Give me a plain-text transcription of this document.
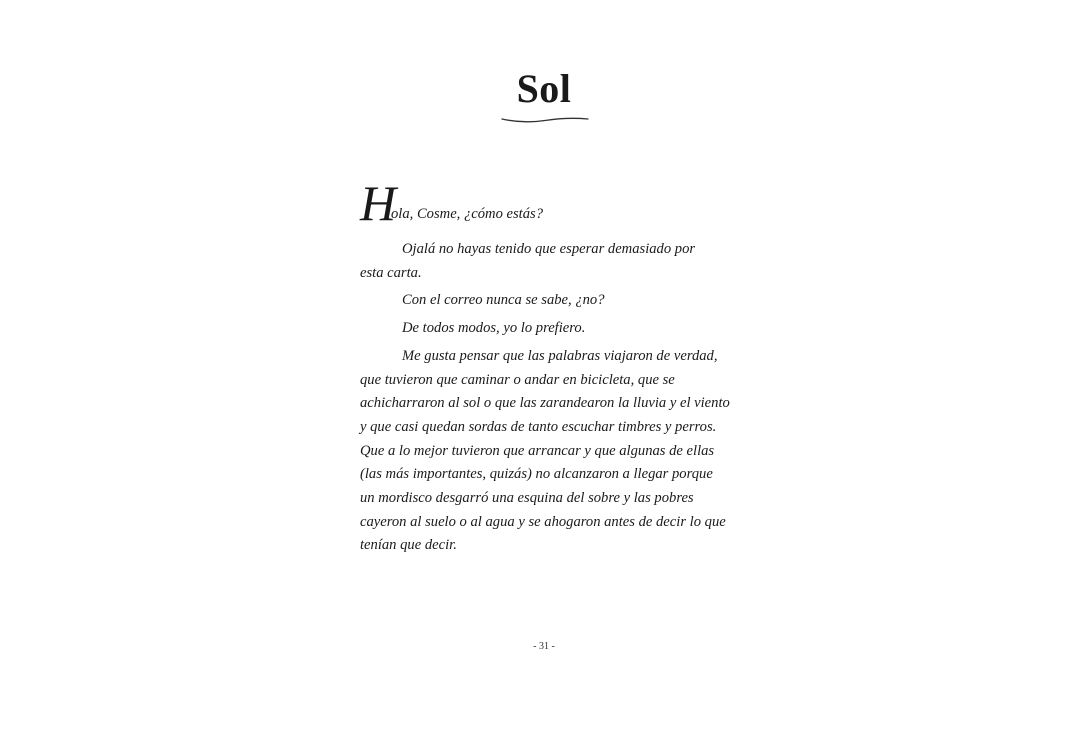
Sol
H
ola, Cosme, ¿cómo estás?

Ojalá no hayas tenido que esperar demasiado por esta carta.

Con el correo nunca se sabe, ¿no?

De todos modos, yo lo prefiero.

Me gusta pensar que las palabras viajaron de verdad, que tuvieron que caminar o andar en bicicleta, que se achicharraron al sol o que las zarandearon la lluvia y el viento y que casi quedan sordas de tanto escuchar timbres y perros. Que a lo mejor tuvieron que arrancar y que algunas de ellas (las más importantes, quizás) no alcanzaron a llegar porque un mordisco desgarró una esquina del sobre y las pobres cayeron al suelo o al agua y se ahogaron antes de decir lo que tenían que decir.

- 31 -
